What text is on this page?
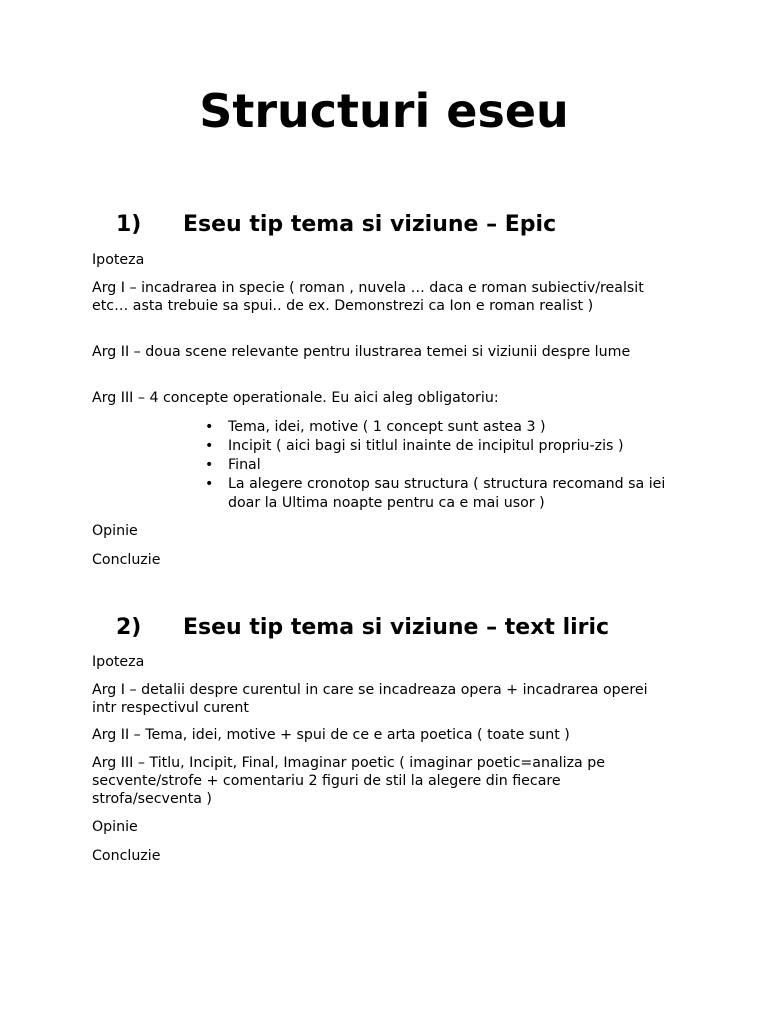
Structuri eseu
1) Eseu tip tema si viziune – Epic

Ipoteza

Arg I – incadrarea in specie ( roman , nuvela … daca e roman subiectiv/realsit etc… asta trebuie sa spui.. de ex. Demonstrezi ca Ion e roman realist )

Arg II – doua scene relevante pentru ilustrarea temei si viziunii despre lume

Arg III – 4 concepte operationale. Eu aici aleg obligatoriu:

• Tema, idei, motive ( 1 concept sunt astea 3 )
• Incipit ( aici bagi si titlul inainte de incipitul propriu-zis )
• Final
• La alegere cronotop sau structura ( structura recomand sa iei doar la Ultima noapte pentru ca e mai usor )

Opinie

Concluzie

2) Eseu tip tema si viziune – text liric

Ipoteza

Arg I – detalii despre curentul in care se incadreaza opera + incadrarea operei intr respectivul curent

Arg II – Tema, idei, motive + spui de ce e arta poetica ( toate sunt )

Arg III – Titlu, Incipit, Final, Imaginar poetic ( imaginar poetic=analiza pe secvente/strofe + comentariu 2 figuri de stil la alegere din fiecare strofa/secventa )

Opinie

Concluzie
